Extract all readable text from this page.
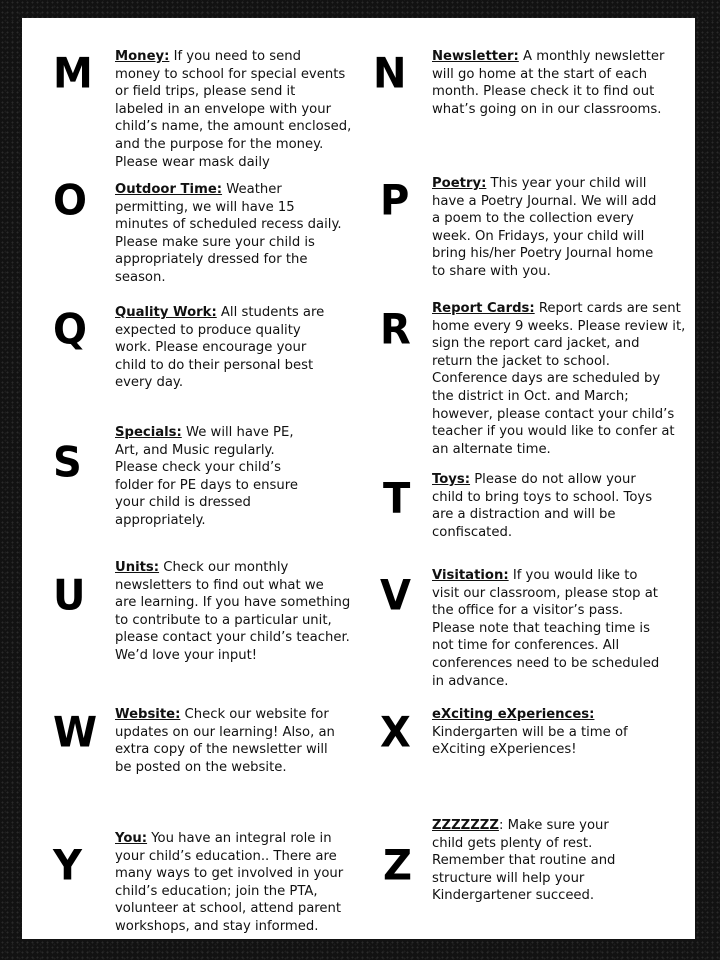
M Money: If you need to send
money to school for special events
or field trips, please send it
labeled in an envelope with your
child’s name, the amount enclosed,
and the purpose for the money.
Please wear mask daily
N Newsletter: A monthly newsletter
will go home at the start of each
month. Please check it to find out
what’s going on in our classrooms.
O Outdoor Time: Weather
permitting, we will have 15
minutes of scheduled recess daily.
Please make sure your child is
appropriately dressed for the
season.
P Poetry: This year your child will
have a Poetry Journal. We will add
a poem to the collection every
week. On Fridays, your child will
bring his/her Poetry Journal home
to share with you.
Q Quality Work: All students are
expected to produce quality
work. Please encourage your
child to do their personal best
every day.
R Report Cards: Report cards are sent
home every 9 weeks. Please review it,
sign the report card jacket, and
return the jacket to school.
Conference days are scheduled by
the district in Oct. and March;
however, please contact your child’s
teacher if you would like to confer at
an alternate time.
S
Specials: We will have PE,
Art, and Music regularly.
Please check your child’s
folder for PE days to ensure
your child is dressed
appropriately.	T Toys: Please do not allow your
child to bring toys to school. Toys
are a distraction and will be
confiscated.
U
Units: Check our monthly
newsletters to find out what we
are learning. If you have something
to contribute to a particular unit,
please contact your child’s teacher.
We’d love your input!
V Visitation: If you would like to
visit our classroom, please stop at
the office for a visitor’s pass.
Please note that teaching time is
not time for conferences. All
conferences need to be scheduled
in advance.
W Website: Check our website for
updates on our learning! Also, an
extra copy of the newsletter will
be posted on the website.
X eXciting eXperiences:
Kindergarten will be a time of
eXciting eXperiences!
Y
You: You have an integral role in
your child’s education.. There are
many ways to get involved in your
child’s education; join the PTA,
volunteer at school, attend parent
workshops, and stay informed.
Z
ZZZZZZZ: Make sure your
child gets plenty of rest.
Remember that routine and
structure will help your
Kindergartener succeed.
